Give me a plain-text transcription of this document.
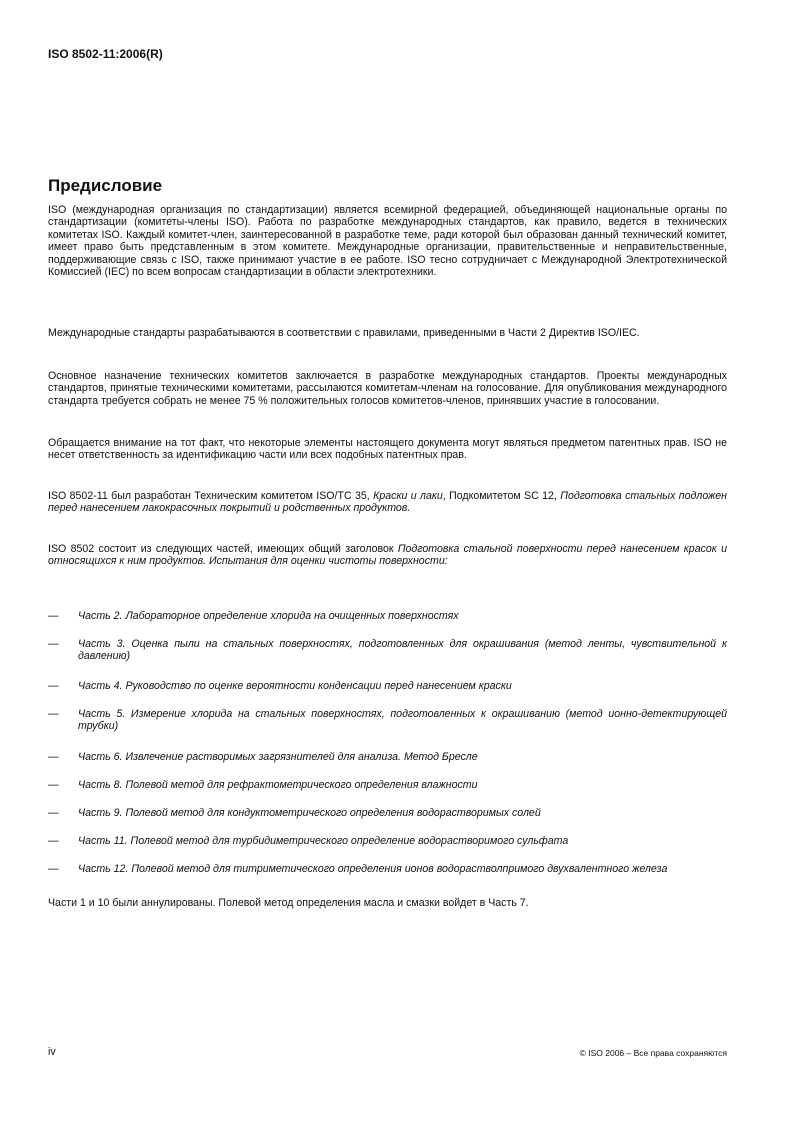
ISO 8502-11:2006(R)
Предисловие

ISO (международная организация по стандартизации) является всемирной федерацией, объединяющей национальные органы по стандартизации (комитеты-члены ISO). Работа по разработке международных стандартов, как правило, ведется в технических комитетах ISO. Каждый комитет-член, заинтересованной в разработке теме, ради которой был образован данный технический комитет, имеет право быть представленным в этом комитете. Международные организации, правительственные и неправительственные, поддерживающие связь с ISO, также принимают участие в ее работе. ISO тесно сотрудничает с Международной Электротехнической Комиссией (IEC) по всем вопросам стандартизации в области электротехники.

Международные стандарты разрабатываются в соответствии с правилами, приведенными в Части 2 Директив ISO/IEC.

Основное назначение технических комитетов заключается в разработке международных стандартов. Проекты международных стандартов, принятые техническими комитетами, рассылаются комитетам-членам на голосование. Для опубликования международного стандарта требуется собрать не менее 75 % положительных голосов комитетов-членов, принявших участие в голосовании.

Обращается внимание на тот факт, что некоторые элементы настоящего документа могут являться предметом патентных прав. ISO не несет ответственность за идентификацию части или всех подобных патентных прав.

ISO 8502-11 был разработан Техническим комитетом ISO/TC 35, Краски и лаки, Подкомитетом SC 12, Подготовка стальных подложен перед нанесением лакокрасочных покрытий и родственных продуктов.

ISO 8502 состоит из следующих частей, имеющих общий заголовок Подготовка стальной поверхности перед нанесением красок и относящихся к ним продуктов. Испытания для оценки чистоты поверхности:

—	Часть 2. Лабораторное определение хлорида на очищенных поверхностях
—	Часть 3. Оценка пыли на стальных поверхностях, подготовленных для окрашивания (метод ленты, чувствительной к давлению)
—	Часть 4. Руководство по оценке вероятности конденсации перед нанесением краски
—	Часть 5. Измерение хлорида на стальных поверхностях, подготовленных к окрашиванию (метод ионно-детектирующей трубки)
—	Часть 6. Извлечение растворимых загрязнителей для анализа. Метод Бресле
—	Часть 8. Полевой метод для рефрактометрического определения влажности
—	Часть 9. Полевой метод для кондуктометрического определения водорастворимых солей
—	Часть 11. Полевой метод для турбидиметрического определение водорастворимого сульфата
—	Часть 12. Полевой метод для титриметического определения ионов водорастволпримого двухвалентного железа

Части 1 и 10 были аннулированы. Полевой метод определения масла и смазки войдет в Часть 7.

iv	© ISO 2006 – Все права сохраняются
